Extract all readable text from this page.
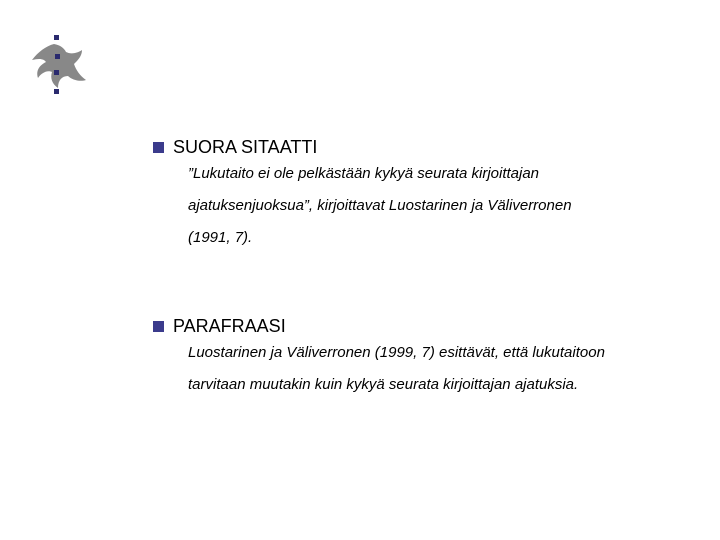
SUORA SITAATTI
”Lukutaito ei ole pelkästään kykyä seurata kirjoittajan
ajatuksenjuoksua”, kirjoittavat Luostarinen ja Väliverronen
(1991, 7).
PARAFRAASI
Luostarinen ja Väliverronen (1999, 7) esittävät, että lukutaitoon
tarvitaan muutakin kuin kykyä seurata kirjoittajan ajatuksia.
